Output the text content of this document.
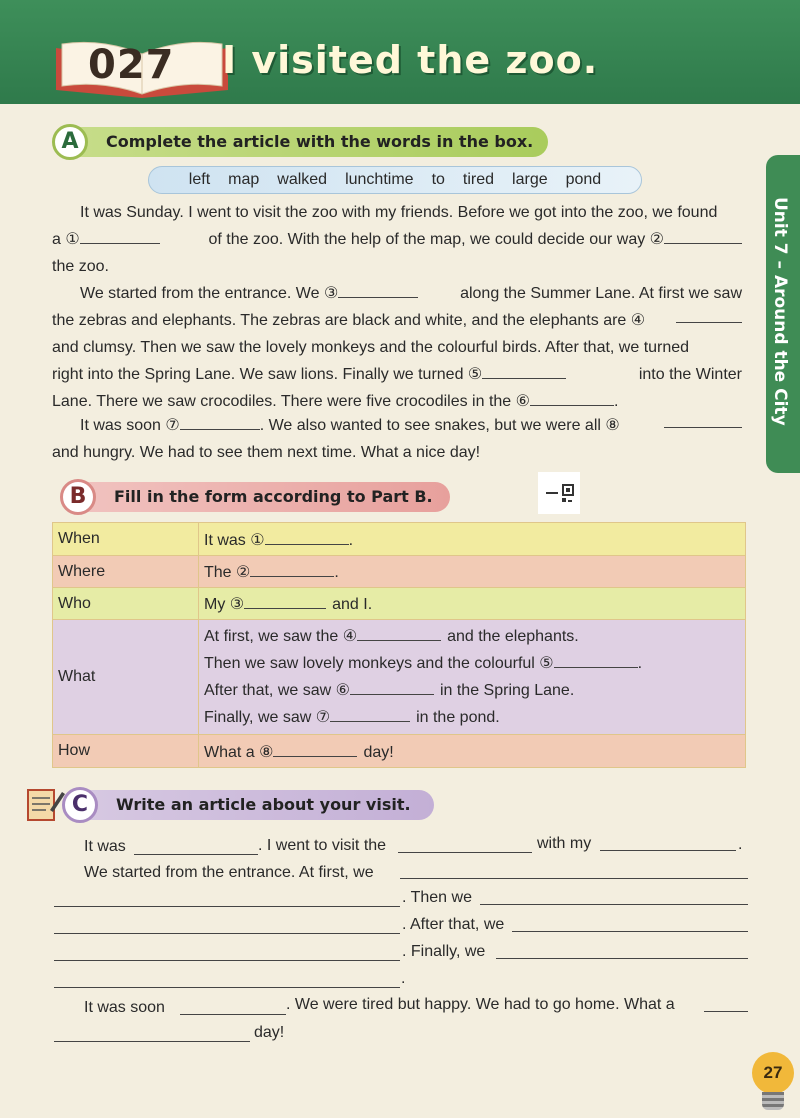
027 I visited the zoo.
Unit 7 – Around the City
A	Complete the article with the words in the box.
left map walked lunchtime to tired large pond
It was Sunday. I went to visit the zoo with my friends. Before we got into the zoo, we found
a ①	of the zoo. With the help of the map, we could decide our way ②
the zoo.
We started from the entrance. We ③	along the Summer Lane. At first we saw
the zebras and elephants. The zebras are black and white, and the elephants are ④
and clumsy. Then we saw the lovely monkeys and the colourful birds. After that, we turned
right into the Spring Lane. We saw lions. Finally we turned ⑤	into the Winter
Lane. There we saw crocodiles. There were five crocodiles in the ⑥	.
It was soon ⑦	. We also wanted to see snakes, but we were all ⑧
and hungry. We had to see them next time. What a nice day!
B	Fill in the form according to Part B.
When	It was ① .
Where	The ② .
Who	My ③ and I.
What	At first, we saw the ④ and the elephants.
Then we saw lovely monkeys and the colourful ⑤ .
After that, we saw ⑥ in the Spring Lane.
Finally, we saw ⑦ in the pond.

How	What a ⑧ day!
C	Write an article about your visit.
It was	. I went to visit the	with my	.
We started from the entrance. At first, we
. Then we
. After that, we
. Finally, we
.
It was soon	. We were tired but happy. We had to go home. What a
day!
27
